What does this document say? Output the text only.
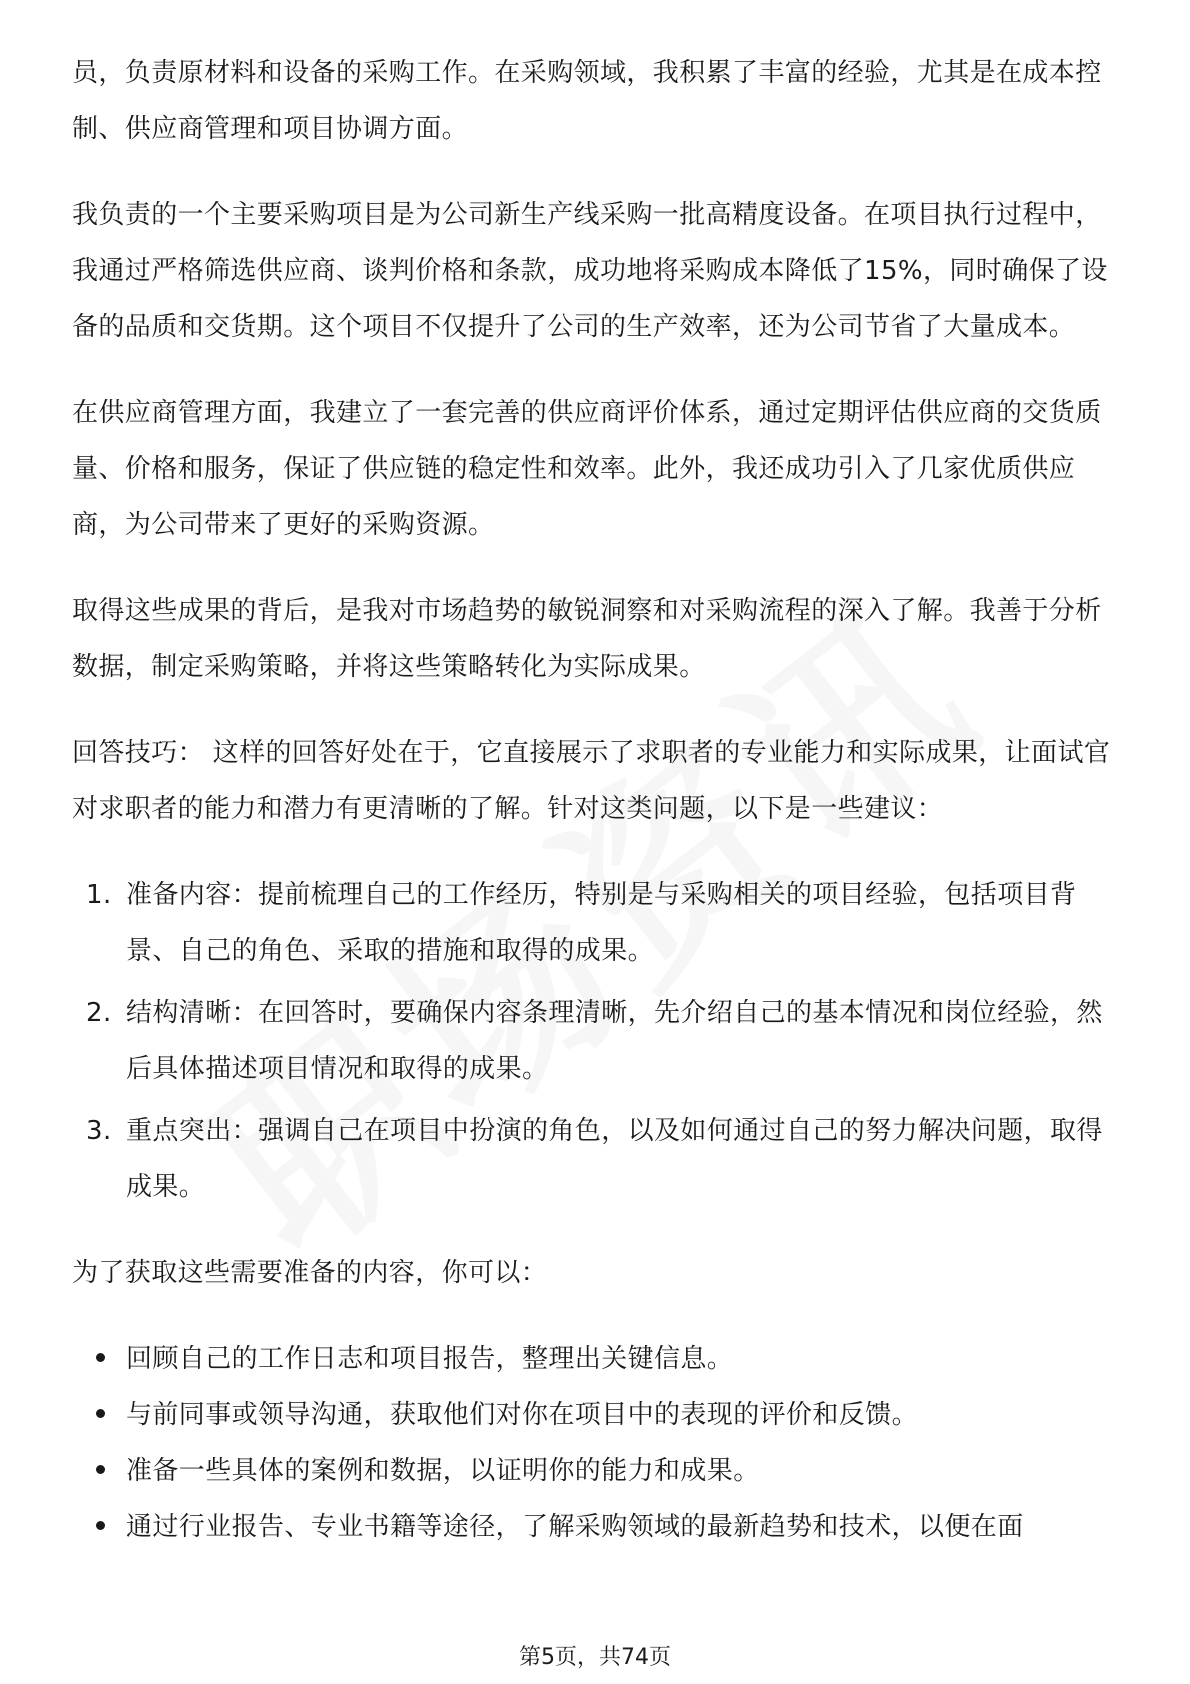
员，负责原材料和设备的采购工作。在采购领域，我积累了丰富的经验，尤其是在成本控制、供应商管理和项目协调方面。

我负责的一个主要采购项目是为公司新生产线采购一批高精度设备。在项目执行过程中，我通过严格筛选供应商、谈判价格和条款，成功地将采购成本降低了15%，同时确保了设备的品质和交货期。这个项目不仅提升了公司的生产效率，还为公司节省了大量成本。

在供应商管理方面，我建立了一套完善的供应商评价体系，通过定期评估供应商的交货质量、价格和服务，保证了供应链的稳定性和效率。此外，我还成功引入了几家优质供应商，为公司带来了更好的采购资源。

取得这些成果的背后，是我对市场趋势的敏锐洞察和对采购流程的深入了解。我善于分析数据，制定采购策略，并将这些策略转化为实际成果。

回答技巧： 这样的回答好处在于，它直接展示了求职者的专业能力和实际成果，让面试官对求职者的能力和潜力有更清晰的了解。针对这类问题，以下是一些建议：

1. 准备内容：提前梳理自己的工作经历，特别是与采购相关的项目经验，包括项目背景、自己的角色、采取的措施和取得的成果。
2. 结构清晰：在回答时，要确保内容条理清晰，先介绍自己的基本情况和岗位经验，然后具体描述项目情况和取得的成果。
3. 重点突出：强调自己在项目中扮演的角色，以及如何通过自己的努力解决问题，取得成果。

为了获取这些需要准备的内容，你可以：

回顾自己的工作日志和项目报告，整理出关键信息。
与前同事或领导沟通，获取他们对你在项目中的表现的评价和反馈。
准备一些具体的案例和数据，以证明你的能力和成果。
通过行业报告、专业书籍等途径，了解采购领域的最新趋势和技术，以便在面
第5页，共74页
